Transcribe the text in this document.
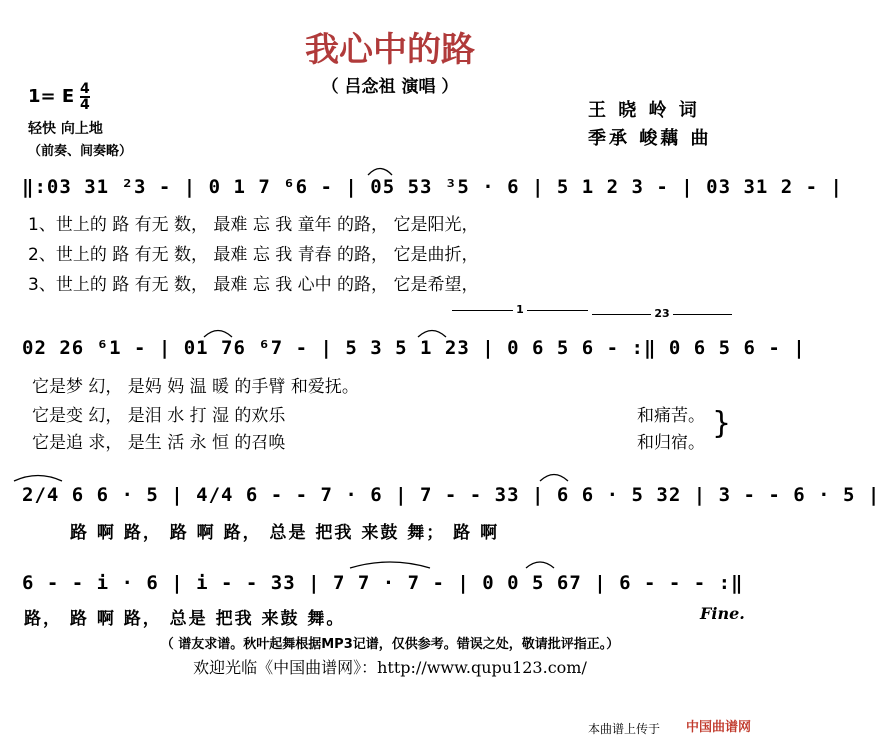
我心中的路
（ 吕念祖 演唱 ）
1= E $\frac{4}{4}$
轻快 向上地
（前奏、间奏略）
王 晓 岭 词
季承 峻藕 曲
‖:03 31 ²3 - | 0 1 7 ⁶6 - | 05 53 ³5 · 6 | 5 1 2 3 - | 03 31 2 - |
1、世上的 路 有无 数， 最难 忘 我 童年 的路， 它是阳光，
2、世上的 路 有无 数， 最难 忘 我 青春 的路， 它是曲折，
3、世上的 路 有无 数， 最难 忘 我 心中 的路， 它是希望，
1	23
02 26 ⁶1 - | 01 76 ⁶7 - | 5 3 5 1 23 | 0 6 5 6 - :‖ 0 6 5 6 - |
它是梦 幻， 是妈 妈 温 暖 的手臂 和爱抚。
它是变 幻， 是泪 水 打 湿 的欢乐	和痛苦。
它是追 求， 是生 活 永 恒 的召唤	和归宿。
}
2/4 6 6 · 5 | 4/4 6 - - 7 · 6 | 7 - - 33 | 6 6 · 5 32 | 3 - - 6 · 5 |
路 啊 路， 路 啊 路， 总是 把我 来鼓 舞； 路 啊
6 - - i · 6 | i - - 33 | 7 7 · 7 - | 0 0 5 67 | 6 - - - :‖
路， 路 啊 路， 总是 把我 来鼓 舞。	Fine.
（ 谱友求谱。秋叶起舞根据MP3记谱，仅供参考。错误之处，敬请批评指正。）
欢迎光临《中国曲谱网》：http://www.qupu123.com/
本曲谱上传于 中国曲谱网
